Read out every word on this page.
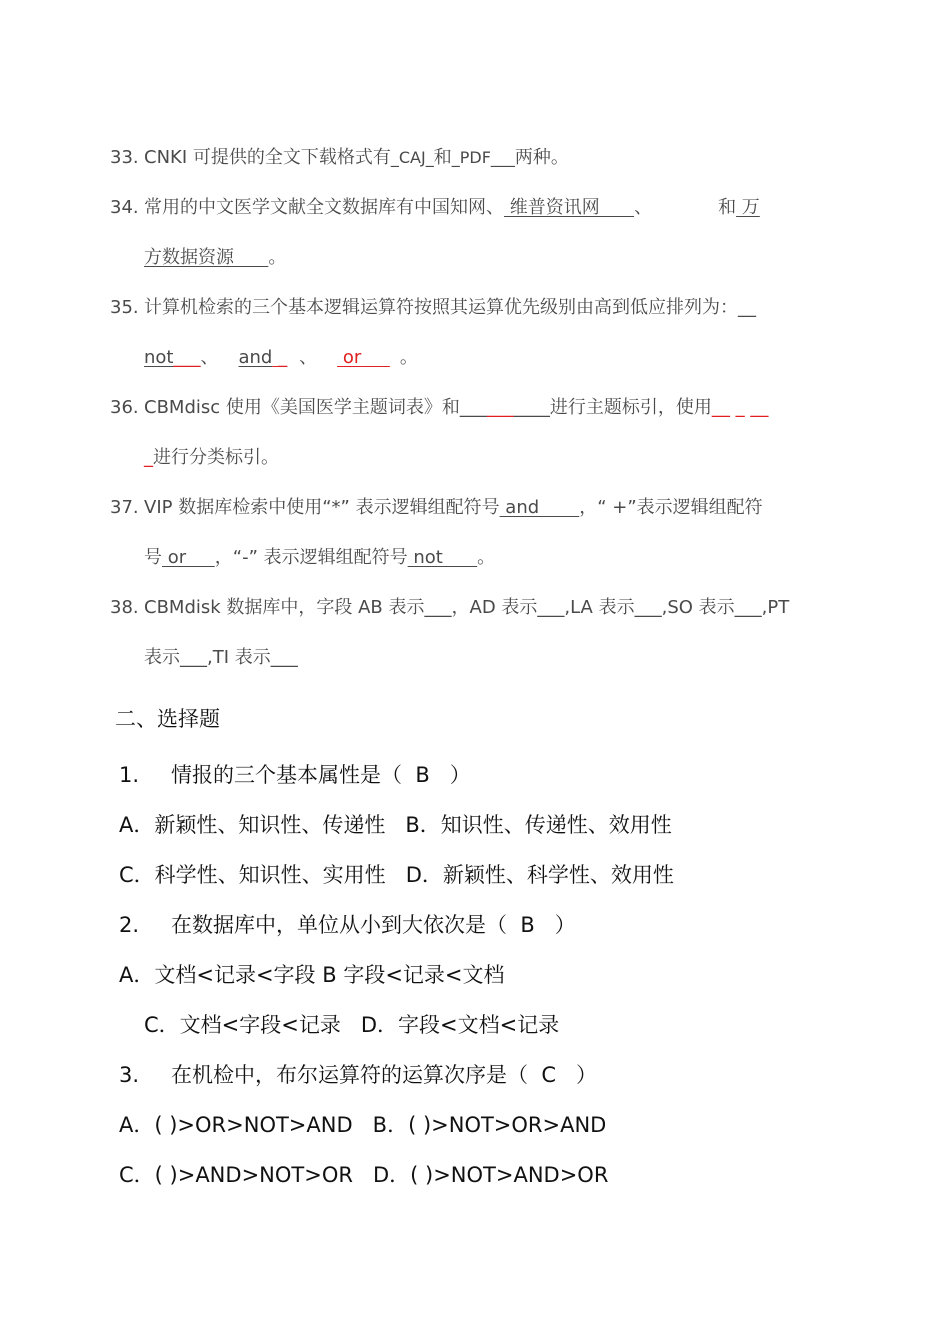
33. CNKI 可提供的全文下载格式有_CAJ_和_PDF___两种。
34. 常用的中文医学文献全文数据库有中国知网、 维普资讯网      、	和 万
方数据资源      。
35. 计算机检索的三个基本逻辑运算符按照其运算优先级别由高到低应排列为：__
not___、 and _ 、 or 。
36. CBMdisc 使用《美国医学主题词表》和__________进行主题标引，使用__ _ __
_进行分类标引。
37. VIP 数据库检索中使用“*” 表示逻辑组配符号 and       ，“ +”表示逻辑组配符
号 or     ，“-” 表示逻辑组配符号 not      。
38. CBMdisk 数据库中，字段 AB 表示___，AD 表示___,LA 表示___,SO 表示___,PT
表示___,TI 表示___
二、选择题
1. 情报的三个基本属性是（  B   ）
A．新颖性、知识性、传递性   B．知识性、传递性、效用性
C．科学性、知识性、实用性   D．新颖性、科学性、效用性
2. 在数据库中，单位从小到大依次是（  B   ）
A．文档<记录<字段 B 字段<记录<文档
C．文档<字段<记录   D．字段<文档<记录
3. 在机检中，布尔运算符的运算次序是（  C   ）
A．( )>OR>NOT>AND   B．( )>NOT>OR>AND
C．( )>AND>NOT>OR   D．( )>NOT>AND>OR
